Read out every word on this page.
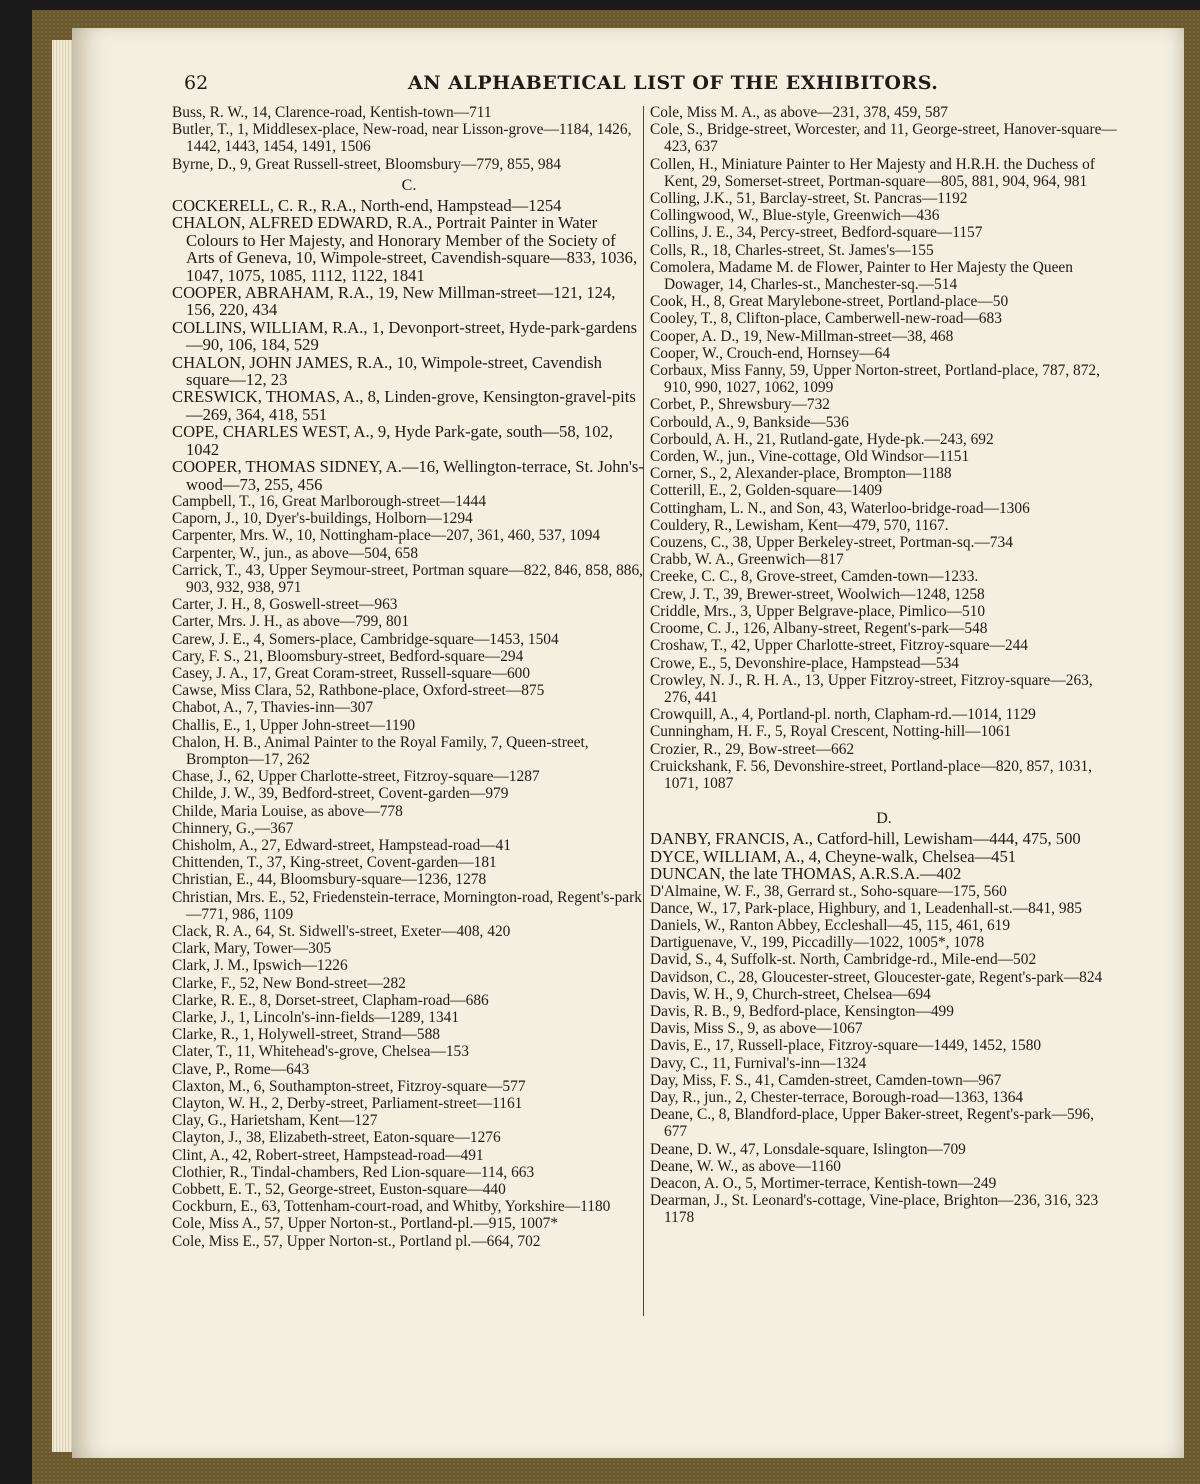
62	AN ALPHABETICAL LIST OF THE EXHIBITORS.

Buss, R. W., 14, Clarence-road, Kentish-town—711

Butler, T., 1, Middlesex-place, New-road, near Lisson-grove—1184, 1426, 1442, 1443, 1454, 1491, 1506

Byrne, D., 9, Great Russell-street, Bloomsbury—779, 855, 984

C.

COCKERELL, C. R., R.A., North-end, Hampstead—1254

CHALON, ALFRED EDWARD, R.A., Portrait Painter in Water Colours to Her Majesty, and Honorary Member of the Society of Arts of Geneva, 10, Wimpole-street, Cavendish-square—833, 1036, 1047, 1075, 1085, 1112, 1122, 1841

COOPER, ABRAHAM, R.A., 19, New Millman-street—121, 124, 156, 220, 434

COLLINS, WILLIAM, R.A., 1, Devonport-street, Hyde-park-gardens—90, 106, 184, 529

CHALON, JOHN JAMES, R.A., 10, Wimpole-street, Cavendish square—12, 23

CRESWICK, THOMAS, A., 8, Linden-grove, Kensington-gravel-pits—269, 364, 418, 551

COPE, CHARLES WEST, A., 9, Hyde Park-gate, south—58, 102, 1042

COOPER, THOMAS SIDNEY, A.—16, Wellington-terrace, St. John's-wood—73, 255, 456

Campbell, T., 16, Great Marlborough-street—1444

Caporn, J., 10, Dyer's-buildings, Holborn—1294

Carpenter, Mrs. W., 10, Nottingham-place—207, 361, 460, 537, 1094

Carpenter, W., jun., as above—504, 658

Carrick, T., 43, Upper Seymour-street, Portman square—822, 846, 858, 886, 903, 932, 938, 971

Carter, J. H., 8, Goswell-street—963

Carter, Mrs. J. H., as above—799, 801

Carew, J. E., 4, Somers-place, Cambridge-square—1453, 1504

Cary, F. S., 21, Bloomsbury-street, Bedford-square—294

Casey, J. A., 17, Great Coram-street, Russell-square—600

Cawse, Miss Clara, 52, Rathbone-place, Oxford-street—875

Chabot, A., 7, Thavies-inn—307

Challis, E., 1, Upper John-street—1190

Chalon, H. B., Animal Painter to the Royal Family, 7, Queen-street, Brompton—17, 262

Chase, J., 62, Upper Charlotte-street, Fitzroy-square—1287

Childe, J. W., 39, Bedford-street, Covent-garden—979

Childe, Maria Louise, as above—778

Chinnery, G.,—367

Chisholm, A., 27, Edward-street, Hampstead-road—41

Chittenden, T., 37, King-street, Covent-garden—181

Christian, E., 44, Bloomsbury-square—1236, 1278

Christian, Mrs. E., 52, Friedenstein-terrace, Mornington-road, Regent's-park—771, 986, 1109

Clack, R. A., 64, St. Sidwell's-street, Exeter—408, 420

Clark, Mary, Tower—305

Clark, J. M., Ipswich—1226

Clarke, F., 52, New Bond-street—282

Clarke, R. E., 8, Dorset-street, Clapham-road—686

Clarke, J., 1, Lincoln's-inn-fields—1289, 1341

Clarke, R., 1, Holywell-street, Strand—588

Clater, T., 11, Whitehead's-grove, Chelsea—153

Clave, P., Rome—643

Claxton, M., 6, Southampton-street, Fitzroy-square—577

Clayton, W. H., 2, Derby-street, Parliament-street—1161

Clay, G., Harietsham, Kent—127

Clayton, J., 38, Elizabeth-street, Eaton-square—1276

Clint, A., 42, Robert-street, Hampstead-road—491

Clothier, R., Tindal-chambers, Red Lion-square—114, 663

Cobbett, E. T., 52, George-street, Euston-square—440

Cockburn, E., 63, Tottenham-court-road, and Whitby, Yorkshire—1180

Cole, Miss A., 57, Upper Norton-st., Portland-pl.—915, 1007*

Cole, Miss E., 57, Upper Norton-st., Portland pl.—664, 702

Cole, Miss M. A., as above—231, 378, 459, 587

Cole, S., Bridge-street, Worcester, and 11, George-street, Hanover-square—423, 637

Collen, H., Miniature Painter to Her Majesty and H.R.H. the Duchess of Kent, 29, Somerset-street, Portman-square—805, 881, 904, 964, 981

Colling, J.K., 51, Barclay-street, St. Pancras—1192

Collingwood, W., Blue-style, Greenwich—436

Collins, J. E., 34, Percy-street, Bedford-square—1157

Colls, R., 18, Charles-street, St. James's—155

Comolera, Madame M. de Flower, Painter to Her Majesty the Queen Dowager, 14, Charles-st., Manchester-sq.—514

Cook, H., 8, Great Marylebone-street, Portland-place—50

Cooley, T., 8, Clifton-place, Camberwell-new-road—683

Cooper, A. D., 19, New-Millman-street—38, 468

Cooper, W., Crouch-end, Hornsey—64

Corbaux, Miss Fanny, 59, Upper Norton-street, Portland-place, 787, 872, 910, 990, 1027, 1062, 1099

Corbet, P., Shrewsbury—732

Corbould, A., 9, Bankside—536

Corbould, A. H., 21, Rutland-gate, Hyde-pk.—243, 692

Corden, W., jun., Vine-cottage, Old Windsor—1151

Corner, S., 2, Alexander-place, Brompton—1188

Cotterill, E., 2, Golden-square—1409

Cottingham, L. N., and Son, 43, Waterloo-bridge-road—1306

Couldery, R., Lewisham, Kent—479, 570, 1167.

Couzens, C., 38, Upper Berkeley-street, Portman-sq.—734

Crabb, W. A., Greenwich—817

Creeke, C. C., 8, Grove-street, Camden-town—1233.

Crew, J. T., 39, Brewer-street, Woolwich—1248, 1258

Criddle, Mrs., 3, Upper Belgrave-place, Pimlico—510

Croome, C. J., 126, Albany-street, Regent's-park—548

Croshaw, T., 42, Upper Charlotte-street, Fitzroy-square—244

Crowe, E., 5, Devonshire-place, Hampstead—534

Crowley, N. J., R. H. A., 13, Upper Fitzroy-street, Fitzroy-square—263, 276, 441

Crowquill, A., 4, Portland-pl. north, Clapham-rd.—1014, 1129

Cunningham, H. F., 5, Royal Crescent, Notting-hill—1061

Crozier, R., 29, Bow-street—662

Cruickshank, F. 56, Devonshire-street, Portland-place—820, 857, 1031, 1071, 1087

D.

DANBY, FRANCIS, A., Catford-hill, Lewisham—444, 475, 500

DYCE, WILLIAM, A., 4, Cheyne-walk, Chelsea—451

DUNCAN, the late THOMAS, A.R.S.A.—402

D'Almaine, W. F., 38, Gerrard st., Soho-square—175, 560

Dance, W., 17, Park-place, Highbury, and 1, Leadenhall-st.—841, 985

Daniels, W., Ranton Abbey, Eccleshall—45, 115, 461, 619

Dartiguenave, V., 199, Piccadilly—1022, 1005*, 1078

David, S., 4, Suffolk-st. North, Cambridge-rd., Mile-end—502

Davidson, C., 28, Gloucester-street, Gloucester-gate, Regent's-park—824

Davis, W. H., 9, Church-street, Chelsea—694

Davis, R. B., 9, Bedford-place, Kensington—499

Davis, Miss S., 9, as above—1067

Davis, E., 17, Russell-place, Fitzroy-square—1449, 1452, 1580

Davy, C., 11, Furnival's-inn—1324

Day, Miss, F. S., 41, Camden-street, Camden-town—967

Day, R., jun., 2, Chester-terrace, Borough-road—1363, 1364

Deane, C., 8, Blandford-place, Upper Baker-street, Regent's-park—596, 677

Deane, D. W., 47, Lonsdale-square, Islington—709

Deane, W. W., as above—1160

Deacon, A. O., 5, Mortimer-terrace, Kentish-town—249

Dearman, J., St. Leonard's-cottage, Vine-place, Brighton—236, 316, 323 1178
